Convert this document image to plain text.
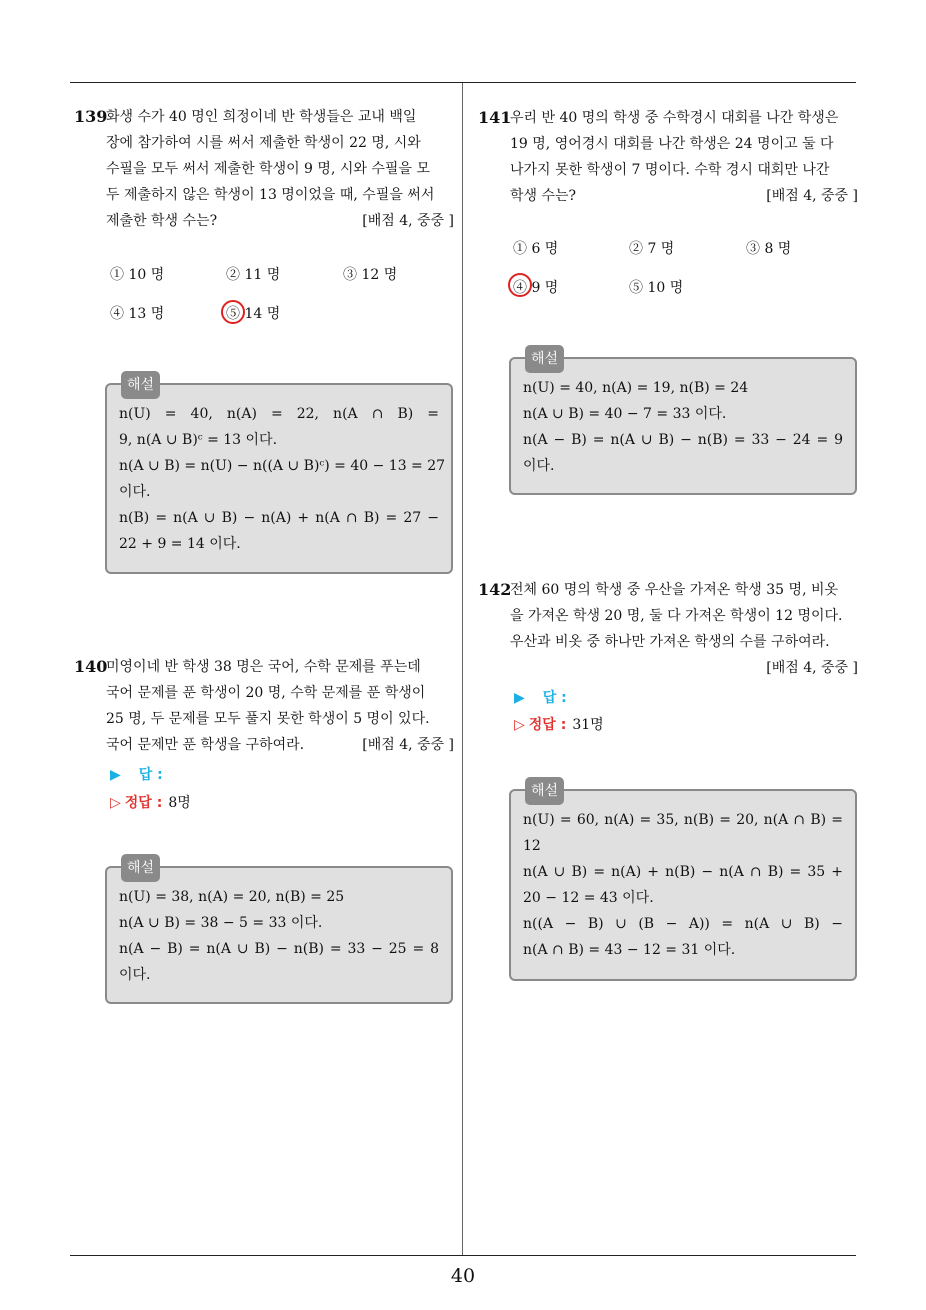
139
화생 수가 40 명인 희정이네 반 학생들은 교내 백일
장에 참가하여 시를 써서 제출한 학생이 22 명, 시와
수필을 모두 써서 제출한 학생이 9 명, 시와 수필을 모
두 제출하지 않은 학생이 13 명이었을 때, 수필을 써서
제출한 학생 수는?	[배점 4, 중중 ]
① 10 명	② 11 명	③ 12 명
④ 13 명	⑤ 14 명
해설
n(U) = 40, n(A) = 22, n(A ∩ B) =
9, n(A ∪ B)ᶜ = 13 이다.
n(A ∪ B) = n(U) − n((A ∪ B)ᶜ) = 40 − 13 = 27
이다.
n(B) = n(A ∪ B) − n(A) + n(A ∩ B) = 27 −
22 + 9 = 14 이다.
140
미영이네 반 학생 38 명은 국어, 수학 문제를 푸는데
국어 문제를 푼 학생이 20 명, 수학 문제를 푼 학생이
25 명, 두 문제를 모두 풀지 못한 학생이 5 명이 있다.
국어 문제만 푼 학생을 구하여라.	[배점 4, 중중 ]
▶ 답 :
▷ 정답 : 8명
해설
n(U) = 38, n(A) = 20, n(B) = 25
n(A ∪ B) = 38 − 5 = 33 이다.
n(A − B) = n(A ∪ B) − n(B) = 33 − 25 = 8
이다.
141
우리 반 40 명의 학생 중 수학경시 대회를 나간 학생은
19 명, 영어경시 대회를 나간 학생은 24 명이고 둘 다
나가지 못한 학생이 7 명이다. 수학 경시 대회만 나간
학생 수는?	[배점 4, 중중 ]
① 6 명	② 7 명	③ 8 명
④ 9 명	⑤ 10 명
해설
n(U) = 40, n(A) = 19, n(B) = 24
n(A ∪ B) = 40 − 7 = 33 이다.
n(A − B) = n(A ∪ B) − n(B) = 33 − 24 = 9
이다.
142
전체 60 명의 학생 중 우산을 가져온 학생 35 명, 비옷
을 가져온 학생 20 명, 둘 다 가져온 학생이 12 명이다.
우산과 비옷 중 하나만 가져온 학생의 수를 구하여라.
[배점 4, 중중 ]
▶ 답 :
▷ 정답 : 31명
해설
n(U) = 60, n(A) = 35, n(B) = 20, n(A ∩ B) =
12
n(A ∪ B) = n(A) + n(B) − n(A ∩ B) = 35 +
20 − 12 = 43 이다.
n((A − B) ∪ (B − A)) = n(A ∪ B) −
n(A ∩ B) = 43 − 12 = 31 이다.
40
